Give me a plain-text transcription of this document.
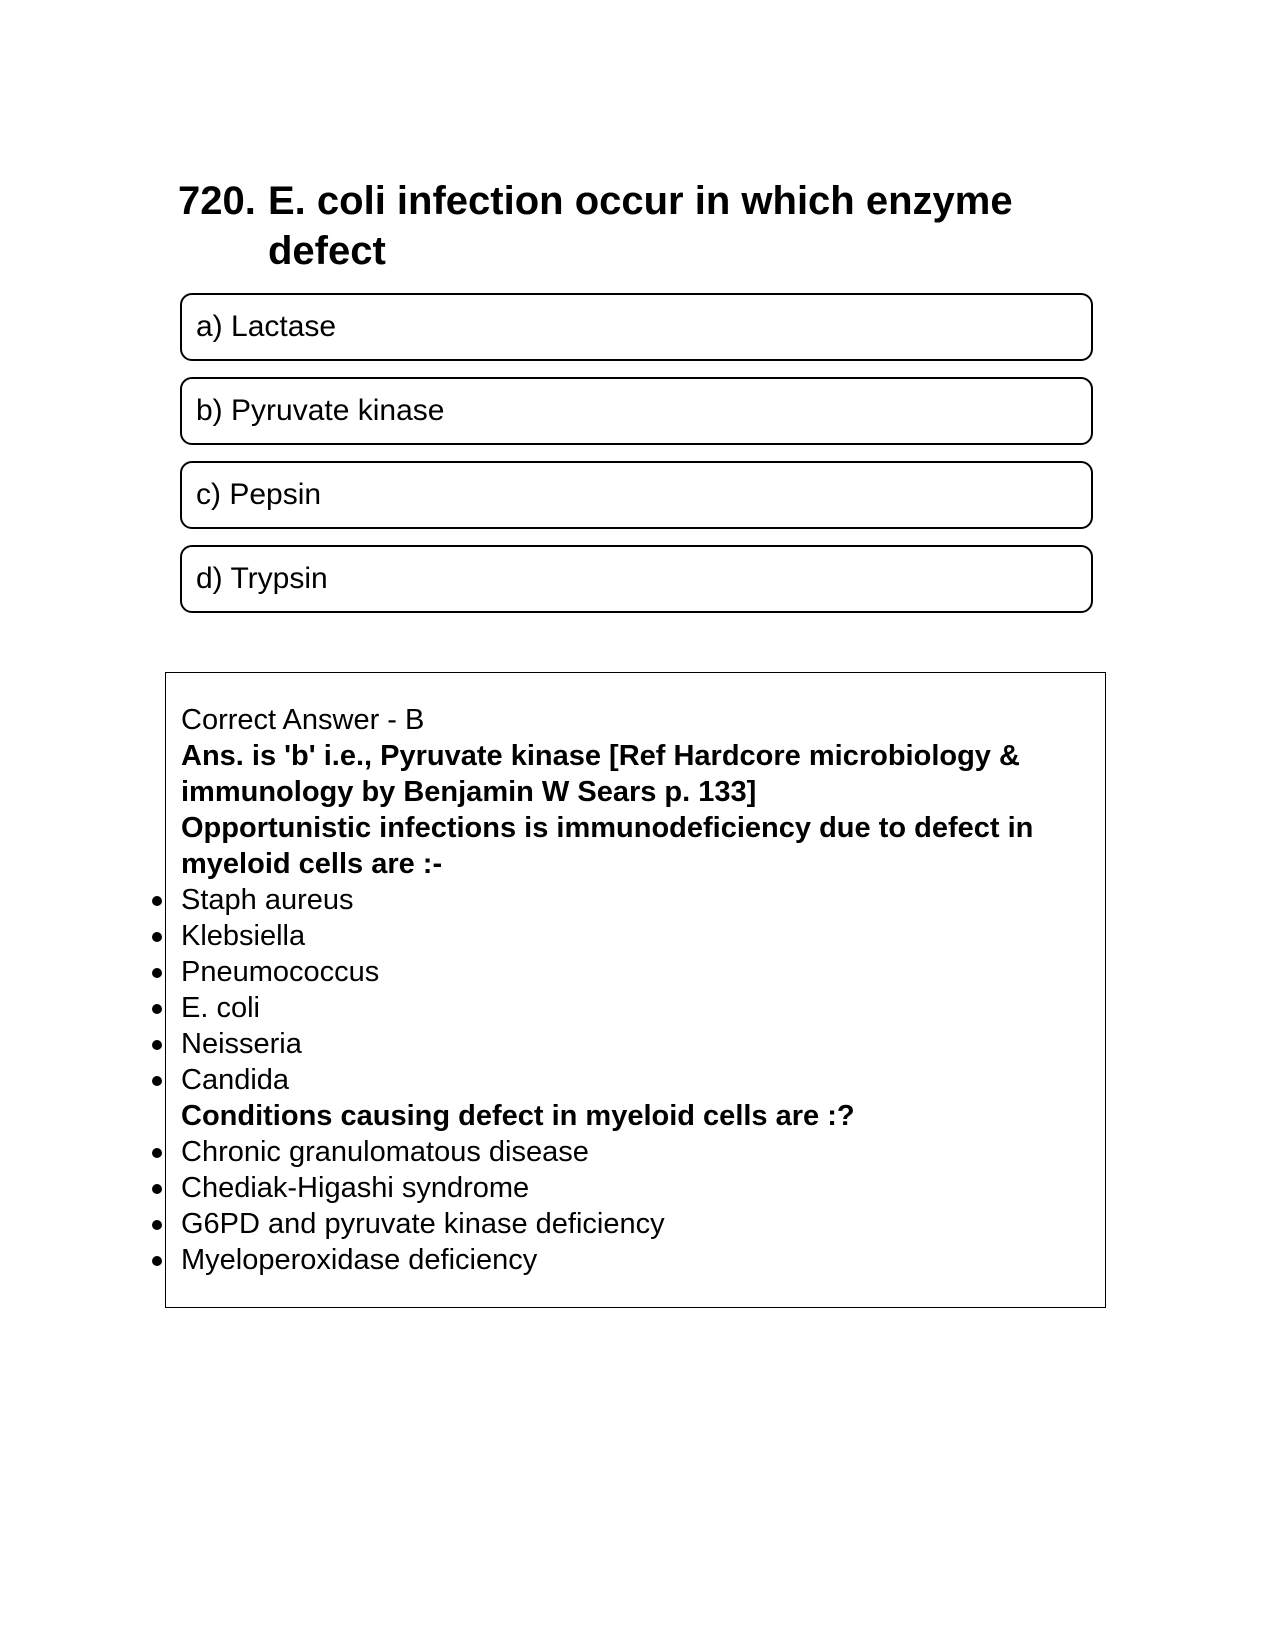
720. E. coli infection occur in which enzyme defect
a) Lactase
b) Pyruvate kinase
c) Pepsin
d) Trypsin

Correct Answer - B

Ans. is 'b' i.e., Pyruvate kinase [Ref Hardcore microbiology & immunology by Benjamin W Sears p. 133]

Opportunistic infections is immunodeficiency due to defect in myeloid cells are :-

Staph aureus
Klebsiella
Pneumococcus
E. coli
Neisseria
Candida

Conditions causing defect in myeloid cells are :?

Chronic granulomatous disease
Chediak-Higashi syndrome
G6PD and pyruvate kinase deficiency
Myeloperoxidase deficiency
